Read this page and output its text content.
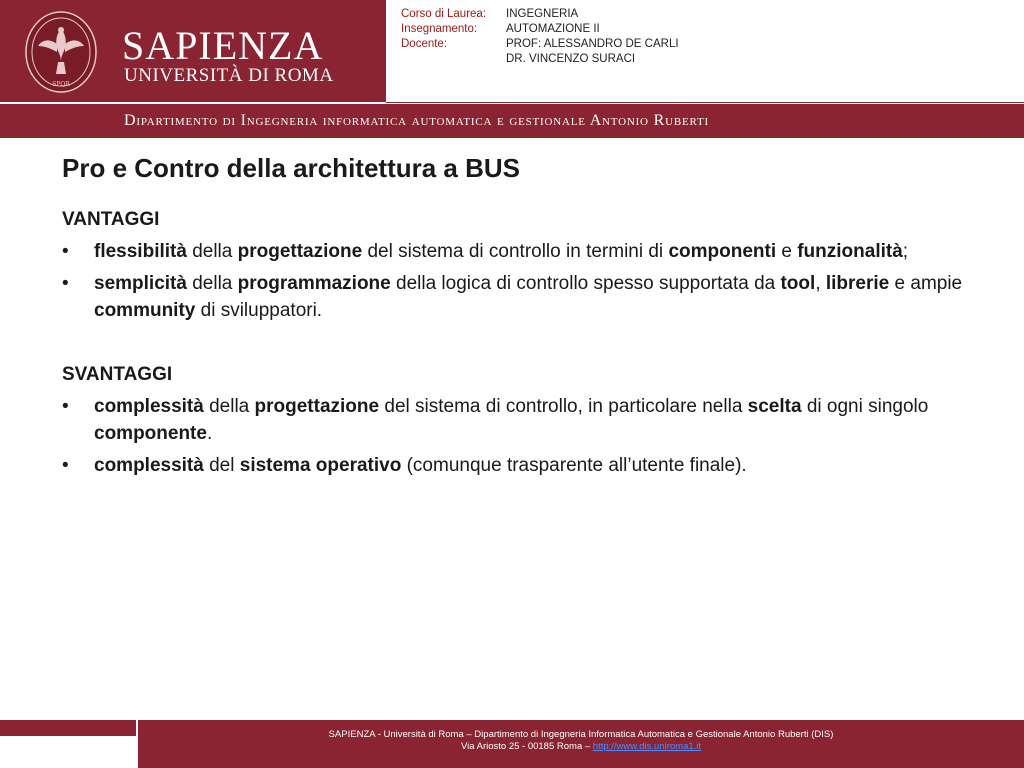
SPQR
SAPIENZA
UNIVERSITÀ DI ROMA
Corso di Laurea:	INGEGNERIA
Insegnamento:	AUTOMAZIONE II
Docente:	PROF: ALESSANDRO DE CARLI
DR. VINCENZO SURACI
Dipartimento di Ingegneria informatica automatica e gestionale Antonio Ruberti
Pro e Contro della architettura a BUS
VANTAGGI
•	flessibilità della progettazione del sistema di controllo in termini di componenti e funzionalità;
•	semplicità della programmazione della logica di controllo spesso supportata da tool, librerie e ampie community di sviluppatori.
SVANTAGGI
•	complessità della progettazione del sistema di controllo, in particolare nella scelta di ogni singolo componente.
•	complessità del sistema operativo (comunque trasparente all’utente finale).
SAPIENZA - Università di Roma – Dipartimento di Ingegneria Informatica Automatica e Gestionale Antonio Ruberti (DIS)
Via Ariosto 25 - 00185 Roma – http://www.dis.uniroma1.it
